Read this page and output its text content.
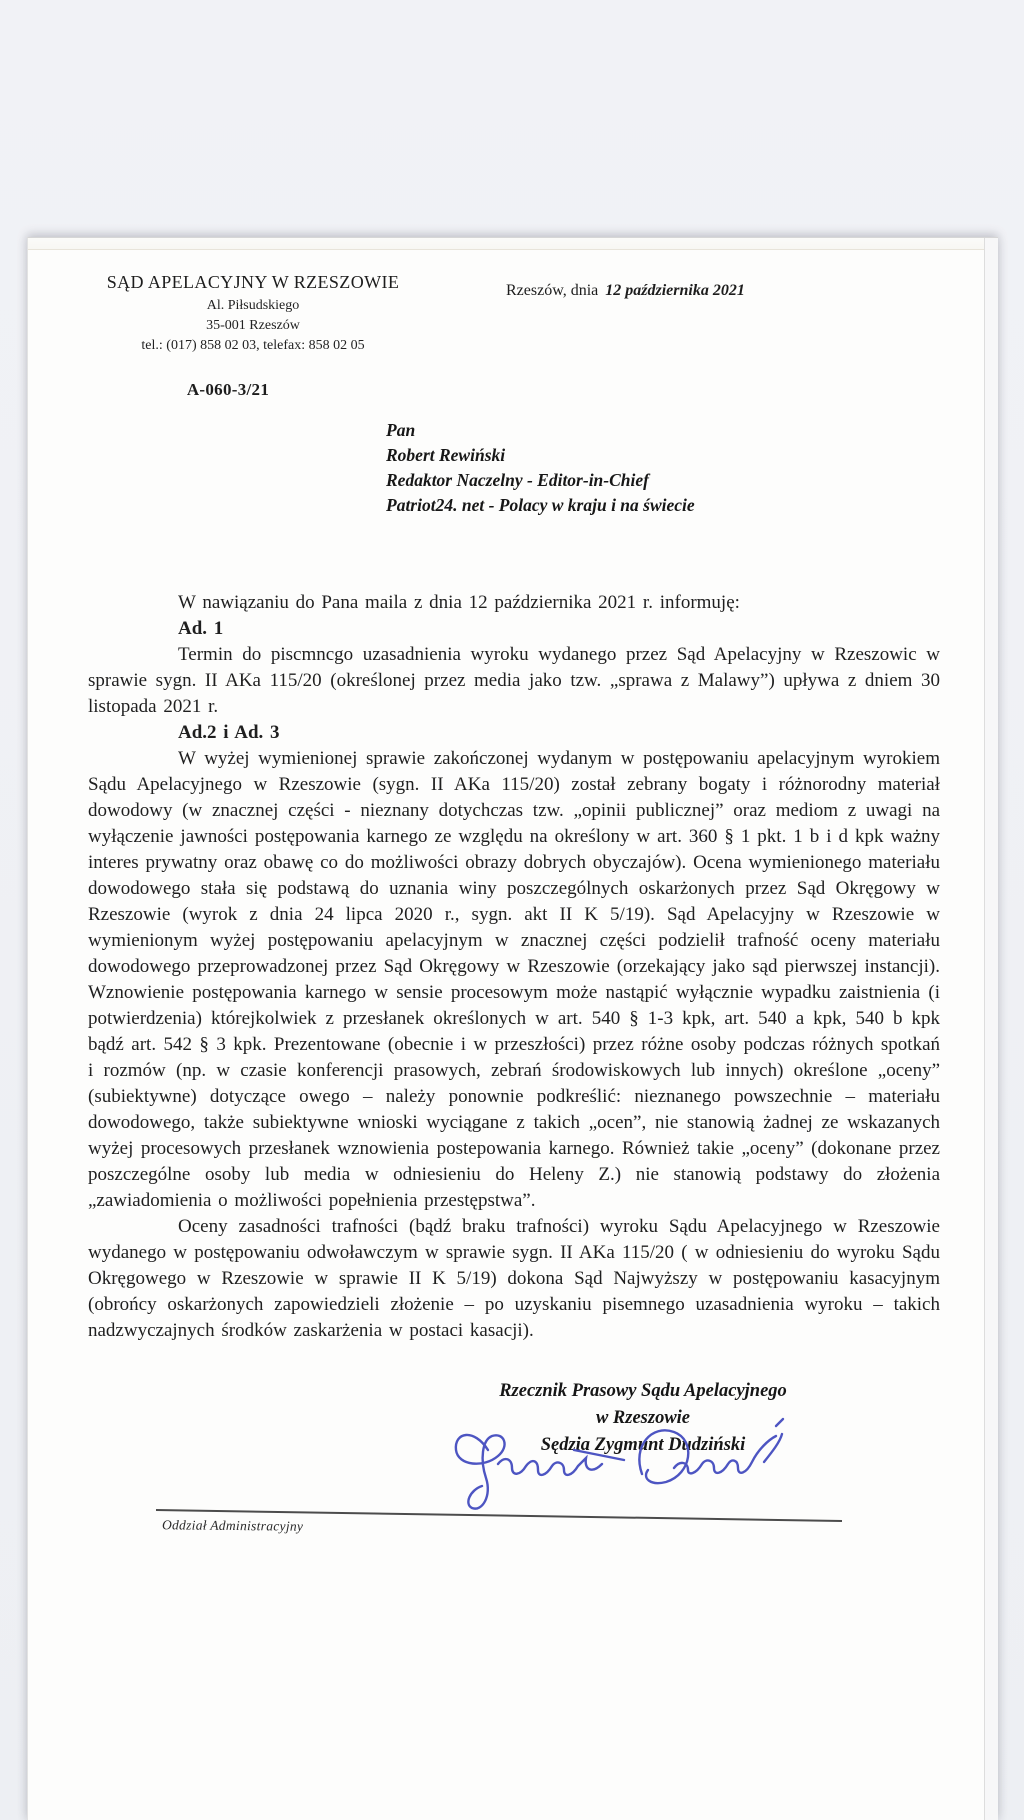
SĄD APELACYJNY W RZESZOWIE
Al. Piłsudskiego
35-001 Rzeszów
tel.: (017) 858 02 03, telefax: 858 02 05
A-060-3/21
Rzeszów, dnia 12 października 2021
Pan
Robert Rewiński
Redaktor Naczelny - Editor-in-Chief
Patriot24. net - Polacy w kraju i na świecie

W nawiązaniu do Pana maila z dnia 12 października 2021 r. informuję:

Ad. 1

Termin do piscmncgo uzasadnienia wyroku wydanego przez Sąd Apelacyjny w Rzeszowic w sprawie sygn. II AKa 115/20 (określonej przez media jako tzw. „sprawa z Malawy”) upływa z dniem 30 listopada 2021 r.

Ad.2 i Ad. 3

W wyżej wymienionej sprawie zakończonej wydanym w postępowaniu apelacyjnym wyrokiem Sądu Apelacyjnego w Rzeszowie (sygn. II AKa 115/20) został zebrany bogaty i różnorodny materiał dowodowy (w znacznej części - nieznany dotychczas tzw. „opinii publicznej” oraz mediom z uwagi na wyłączenie jawności postępowania karnego ze względu na określony w art. 360 § 1 pkt. 1 b i d kpk ważny interes prywatny oraz obawę co do możliwości obrazy dobrych obyczajów). Ocena wymienionego materiału dowodowego stała się podstawą do uznania winy poszczególnych oskarżonych przez Sąd Okręgowy w Rzeszowie (wyrok z dnia 24 lipca 2020 r., sygn. akt II K 5/19). Sąd Apelacyjny w Rzeszowie w wymienionym wyżej postępowaniu apelacyjnym w znacznej części podzielił trafność oceny materiału dowodowego przeprowadzonej przez Sąd Okręgowy w Rzeszowie (orzekający jako sąd pierwszej instancji). Wznowienie postępowania karnego w sensie procesowym może nastąpić wyłącznie wypadku zaistnienia (i potwierdzenia) którejkolwiek z przesłanek określonych w art. 540 § 1-3 kpk, art. 540 a kpk, 540 b kpk bądź art. 542 § 3 kpk. Prezentowane (obecnie i w przeszłości) przez różne osoby podczas różnych spotkań i rozmów (np. w czasie konferencji prasowych, zebrań środowiskowych lub innych) określone „oceny” (subiektywne) dotyczące owego – należy ponownie podkreślić: nieznanego powszechnie – materiału dowodowego, także subiektywne wnioski wyciągane z takich „ocen”, nie stanowią żadnej ze wskazanych wyżej procesowych przesłanek wznowienia postepowania karnego. Również takie „oceny” (dokonane przez poszczególne osoby lub media w odniesieniu do Heleny Z.) nie stanowią podstawy do złożenia „zawiadomienia o możliwości popełnienia przestępstwa”.

Oceny zasadności trafności (bądź braku trafności) wyroku Sądu Apelacyjnego w Rzeszowie wydanego w postępowaniu odwoławczym w sprawie sygn. II AKa 115/20 ( w odniesieniu do wyroku Sądu Okręgowego w Rzeszowie w sprawie II K 5/19) dokona Sąd Najwyższy w postępowaniu kasacyjnym (obrońcy oskarżonych zapowiedzieli złożenie – po uzyskaniu pisemnego uzasadnienia wyroku – takich nadzwyczajnych środków zaskarżenia w postaci kasacji).

Rzecznik Prasowy Sądu Apelacyjnego
w Rzeszowie
Sędzia Zygmunt Dudziński
Oddział Administracyjny
